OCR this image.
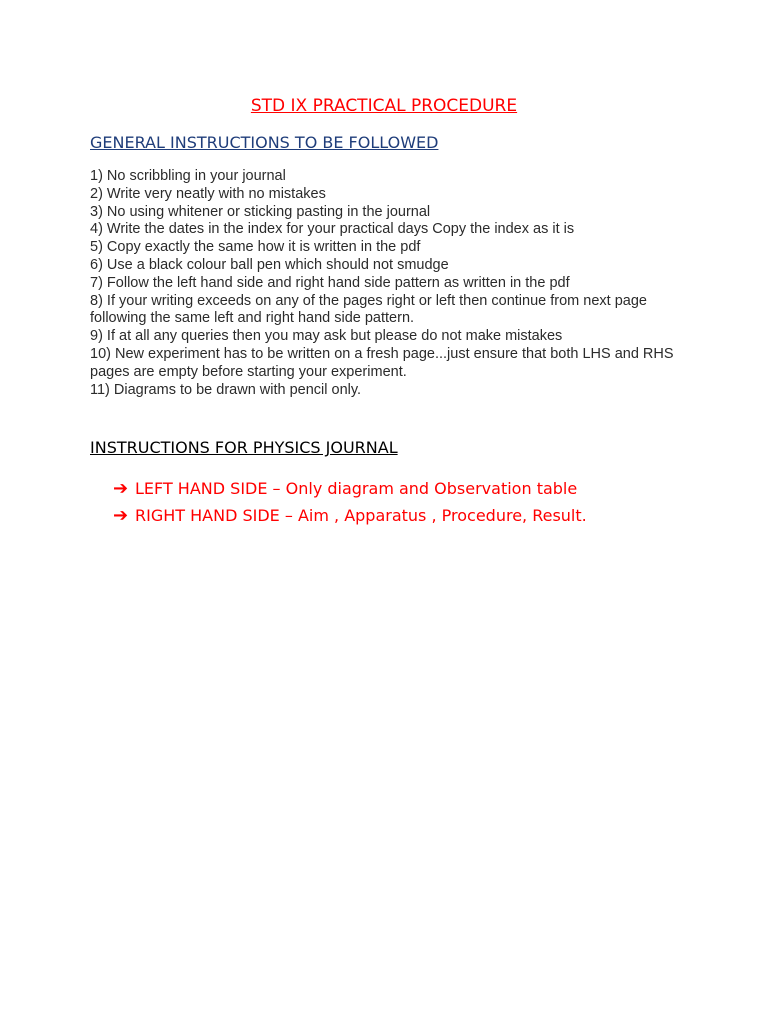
STD IX PRACTICAL PROCEDURE
GENERAL INSTRUCTIONS TO BE FOLLOWED
1) No scribbling in your journal
2) Write very neatly with no mistakes
3) No using whitener or sticking pasting in the journal
4) Write the dates in the index for your practical days Copy the index as it is
5) Copy exactly the same how it is written in the pdf
6) Use a black colour ball pen which should not smudge
7) Follow the left hand side and right hand side pattern as written in the pdf
8) If your writing exceeds on any of the pages right or left then continue from next page following the same left and right hand side pattern.
9) If at all any queries then you may ask but please do not make mistakes
10) New experiment has to be written on a fresh page...just ensure that both LHS and RHS pages are empty before starting your experiment.
11) Diagrams to be drawn with pencil only.
INSTRUCTIONS FOR PHYSICS JOURNAL
➔ LEFT HAND SIDE – Only diagram and Observation table
➔ RIGHT HAND SIDE – Aim , Apparatus , Procedure, Result.
